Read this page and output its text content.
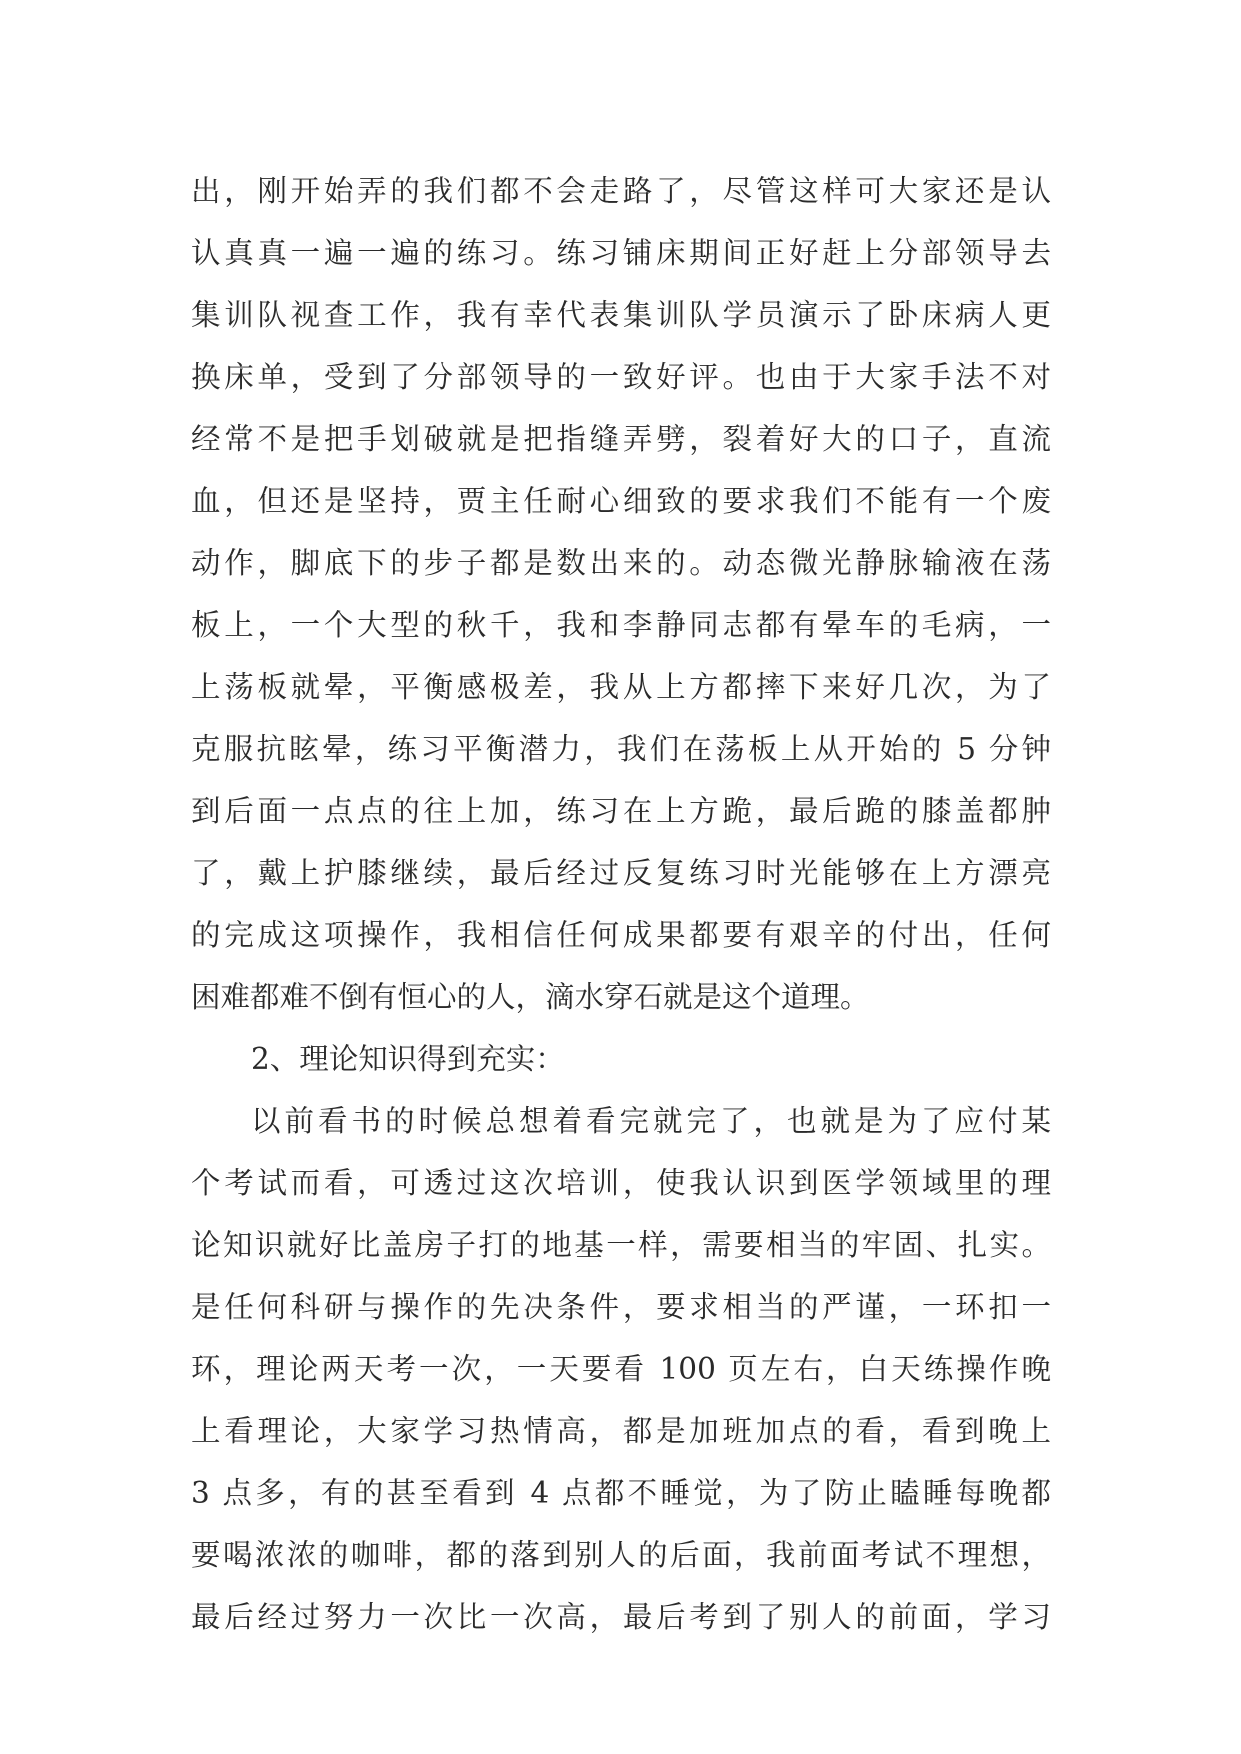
出，刚开始弄的我们都不会走路了，尽管这样可大家还是认
认真真一遍一遍的练习。练习铺床期间正好赶上分部领导去
集训队视查工作，我有幸代表集训队学员演示了卧床病人更
换床单，受到了分部领导的一致好评。也由于大家手法不对
经常不是把手划破就是把指缝弄劈，裂着好大的口子，直流
血，但还是坚持，贾主任耐心细致的要求我们不能有一个废
动作，脚底下的步子都是数出来的。动态微光静脉输液在荡
板上，一个大型的秋千，我和李静同志都有晕车的毛病，一
上荡板就晕，平衡感极差，我从上方都摔下来好几次，为了
克服抗眩晕，练习平衡潜力，我们在荡板上从开始的 5 分钟
到后面一点点的往上加，练习在上方跪，最后跪的膝盖都肿
了，戴上护膝继续，最后经过反复练习时光能够在上方漂亮
的完成这项操作，我相信任何成果都要有艰辛的付出，任何
困难都难不倒有恒心的人，滴水穿石就是这个道理。
2、理论知识得到充实：
以前看书的时候总想着看完就完了，也就是为了应付某
个考试而看，可透过这次培训，使我认识到医学领域里的理
论知识就好比盖房子打的地基一样，需要相当的牢固、扎实。
是任何科研与操作的先决条件，要求相当的严谨，一环扣一
环，理论两天考一次，一天要看 100 页左右，白天练操作晚
上看理论，大家学习热情高，都是加班加点的看，看到晚上
3 点多，有的甚至看到 4 点都不睡觉，为了防止瞌睡每晚都
要喝浓浓的咖啡，都的落到别人的后面，我前面考试不理想，
最后经过努力一次比一次高，最后考到了别人的前面，学习
